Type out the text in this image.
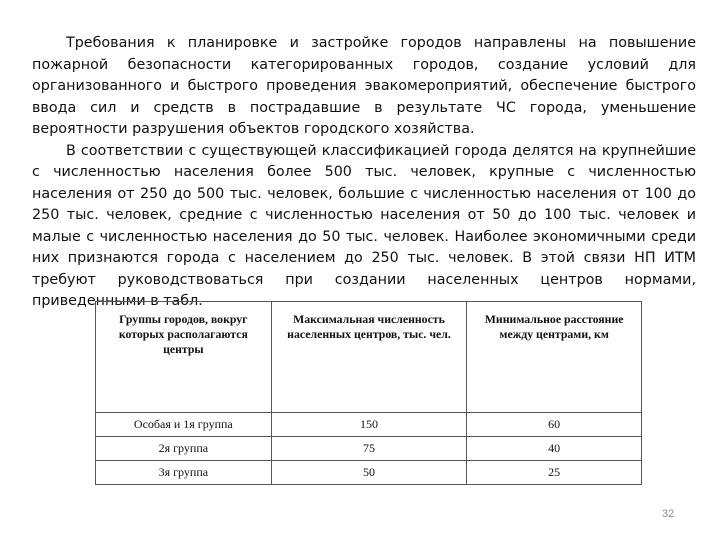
Требования к планировке и застройке городов направлены на повышение пожарной безопасности категорированных городов, создание условий для организованного и быстрого проведения эвакомероприятий, обеспечение быстрого ввода сил и средств в пострадавшие в результате ЧС города, уменьшение вероятности разрушения объектов городского хозяйства.

В соответствии с существующей классификацией города делятся на крупнейшие с численностью населения более 500 тыс. человек, крупные с численностью населения от 250 до 500 тыс. человек, большие с численностью населения от 100 до 250 тыс. человек, средние с численностью населения от 50 до 100 тыс. человек и малые с численностью населения до 50 тыс. человек. Наиболее экономичными среди них признаются города с населением до 250 тыс. человек. В этой связи НП ИТМ требуют руководствоваться при создании населенных центров нормами, приведенными в табл.

Группы городов, вокруг которых располагаются центры	Максимальная численность населенных центров, тыс. чел.	Минимальное расстояние между центрами, км

Особая и 1я группа	150	60
2я группа	75	40
3я группа	50	25
32
